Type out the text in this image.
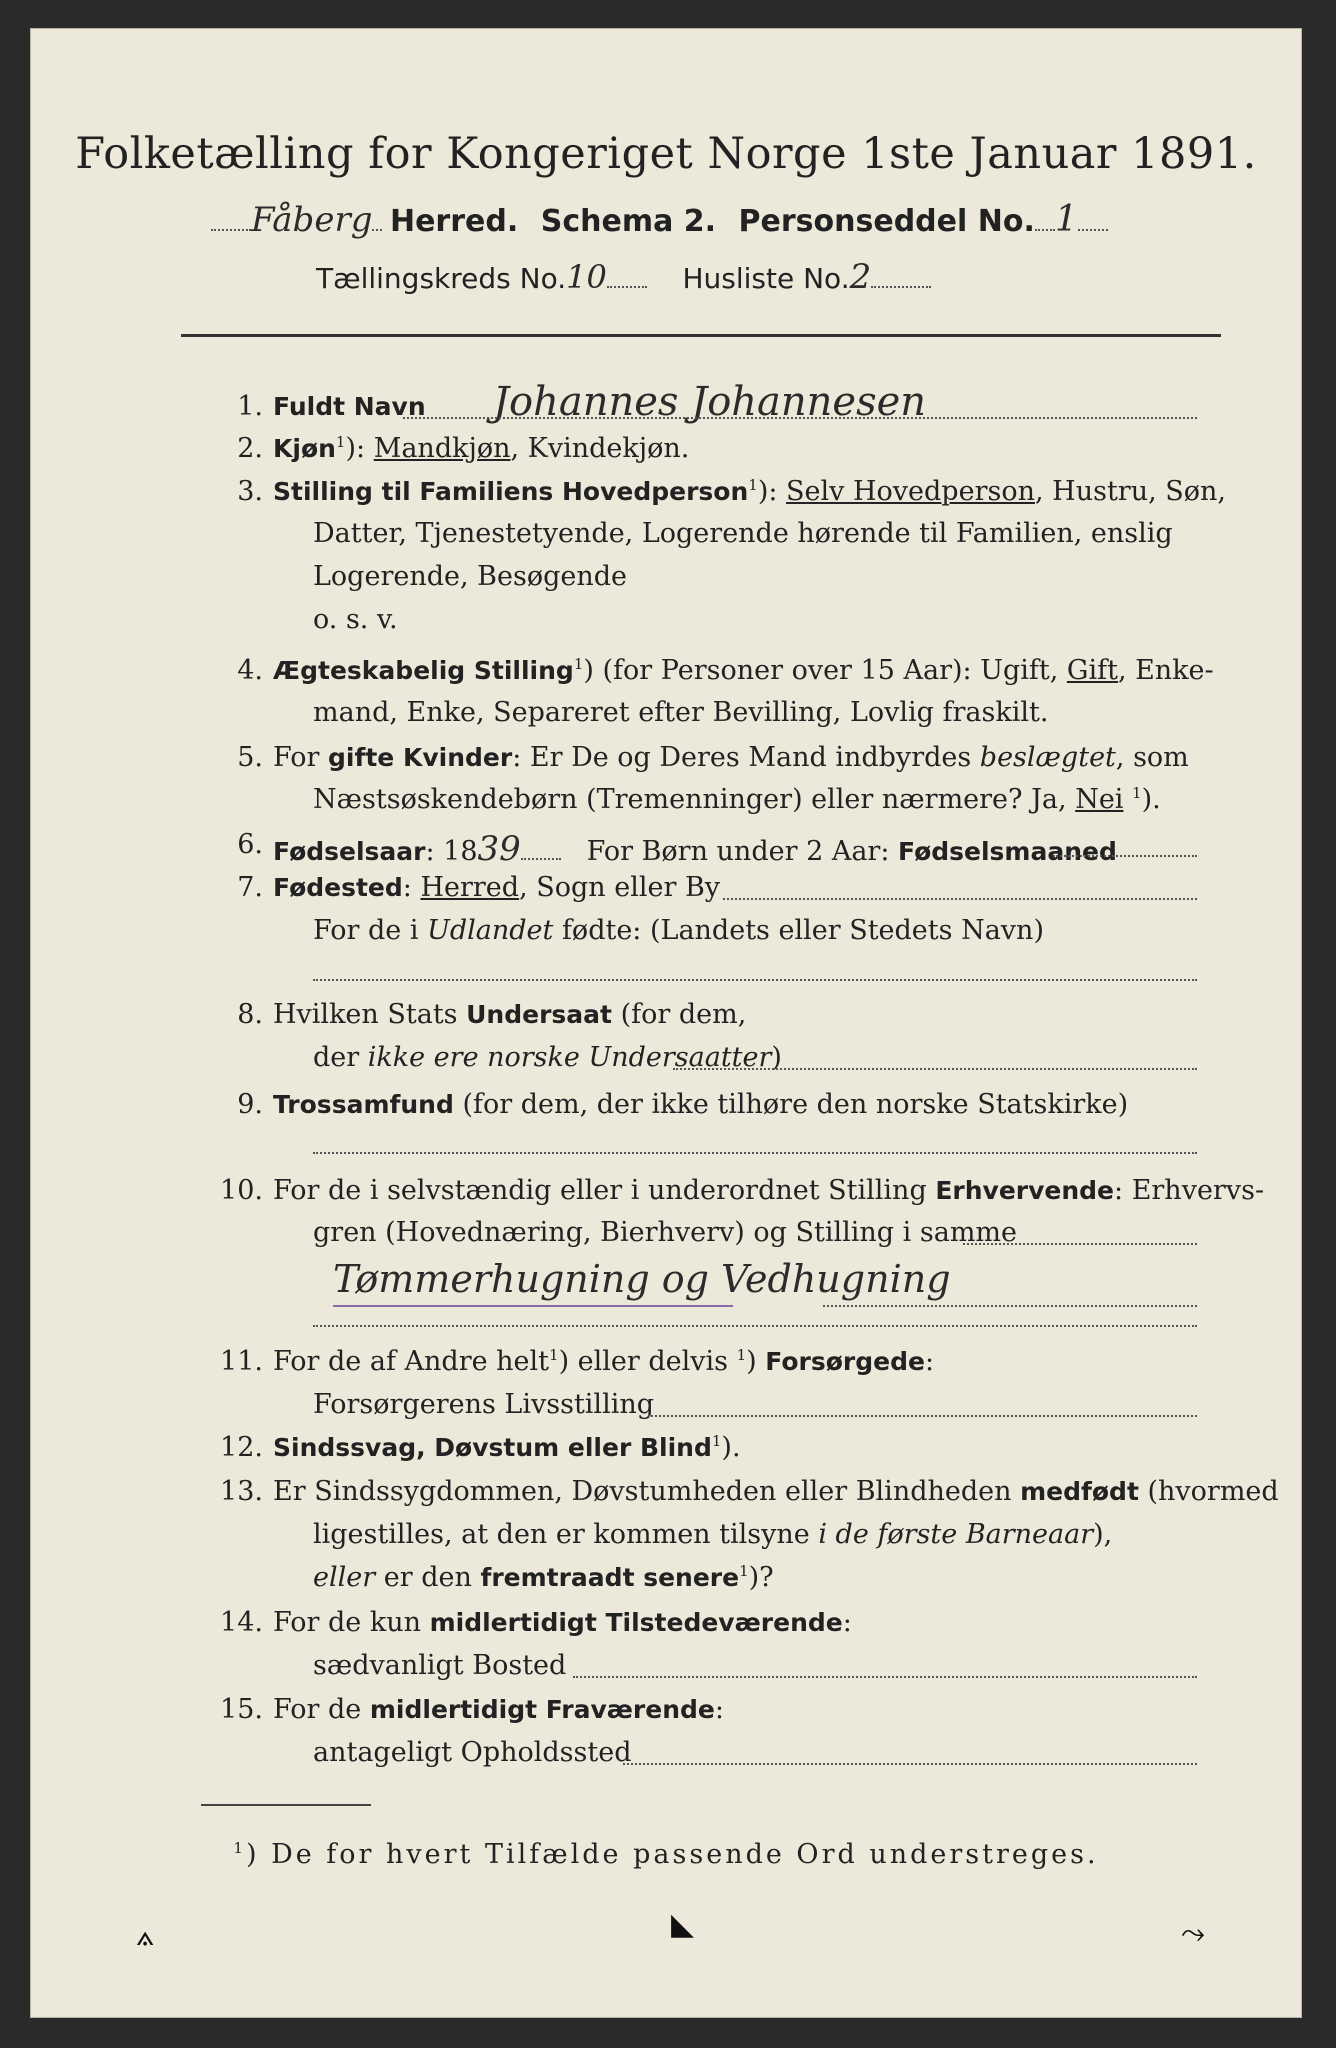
Folketælling for Kongeriget Norge 1ste Januar 1891.
Fåberg Herred. Schema 2. Personseddel No. 1
Tællingskreds No.10	Husliste No.2
1. Fuldt Navn Johannes Johannesen
2. Kjøn$^1$): Mandkjøn, Kvindekjøn.
3. Stilling til Familiens Hovedperson$^1$): Selv Hovedperson, Hustru, Søn,
Datter, Tjenestetyende, Logerende hørende til Familien, enslig
Logerende, Besøgende
o. s. v.
4. Ægteskabelig Stilling$^1$) (for Personer over 15 Aar): Ugift, Gift, Enke-
mand, Enke, Separeret efter Bevilling, Lovlig fraskilt.
5. For gifte Kvinder: Er De og Deres Mand indbyrdes beslægtet, som
Næstsøskendebørn (Tremenninger) eller nærmere? Ja, Nei $^1$).
6. Fødselsaar: 1839 For Børn under 2 Aar: Fødselsmaaned
7. Fødested: Herred, Sogn eller By
For de i Udlandet fødte: (Landets eller Stedets Navn)
8. Hvilken Stats Undersaat (for dem,
der ikke ere norske Undersaatter)
9. Trossamfund (for dem, der ikke tilhøre den norske Statskirke)
10. For de i selvstændig eller i underordnet Stilling Erhvervende: Erhvervs-
gren (Hovednæring, Bierhverv) og Stilling i samme
Tømmerhugning og Vedhugning
11. For de af Andre helt$^1$) eller delvis $^1$) Forsørgede:
Forsørgerens Livsstilling
12. Sindssvag, Døvstum eller Blind$^1$).
13. Er Sindssygdommen, Døvstumheden eller Blindheden medfødt (hvormed
ligestilles, at den er kommen tilsyne i de første Barneaar),
eller er den fremtraadt senere$^1$)?
14. For de kun midlertidigt Tilstedeværende:
sædvanligt Bosted
15. For de midlertidigt Fraværende:
antageligt Opholdssted
$^1$) De for hvert Tilfælde passende Ord understreges.
⟑	◣	⤳
